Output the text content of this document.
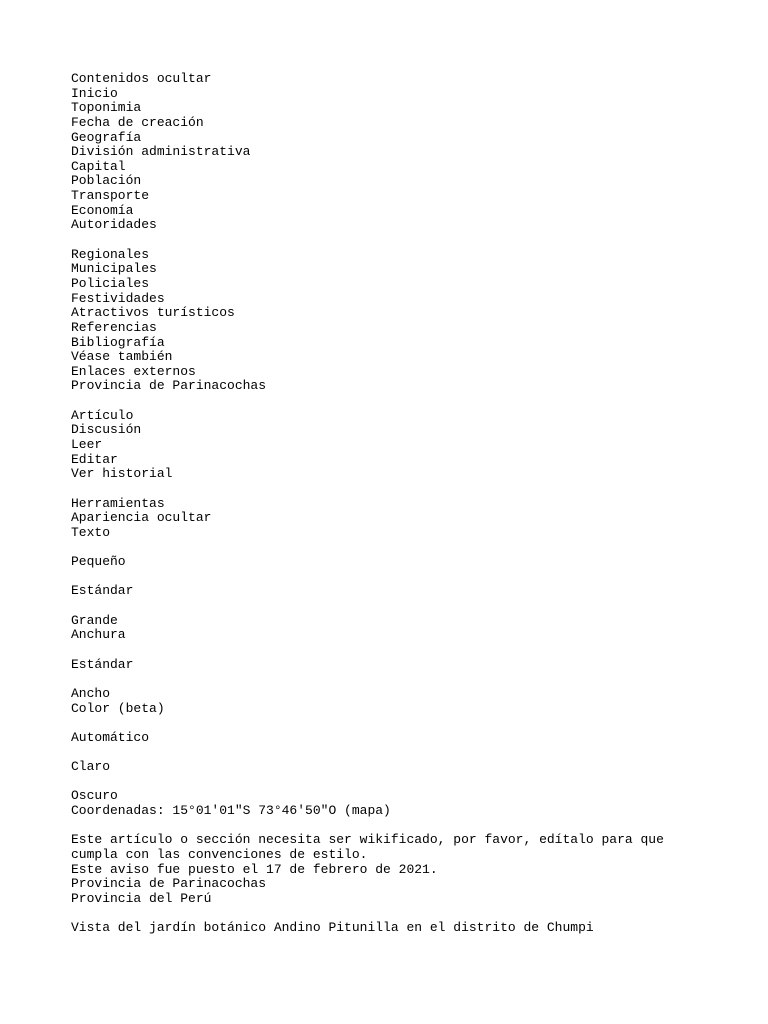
Contenidos ocultar
Inicio
Toponimia
Fecha de creación
Geografía
División administrativa
Capital
Población
Transporte
Economía
Autoridades
Regionales
Municipales
Policiales
Festividades
Atractivos turísticos
Referencias
Bibliografía
Véase también
Enlaces externos
Provincia de Parinacochas
Artículo
Discusión
Leer
Editar
Ver historial
Herramientas
Apariencia ocultar
Texto
Pequeño
Estándar
Grande
Anchura
Estándar
Ancho
Color (beta)
Automático
Claro
Oscuro
Coordenadas: 15°01′01″S 73°46′50″O (mapa)
Este artículo o sección necesita ser wikificado, por favor, edítalo para que cumpla con las convenciones de estilo.
Este aviso fue puesto el 17 de febrero de 2021.
Provincia de Parinacochas
Provincia del Perú
Vista del jardín botánico Andino Pitunilla en el distrito de Chumpi
